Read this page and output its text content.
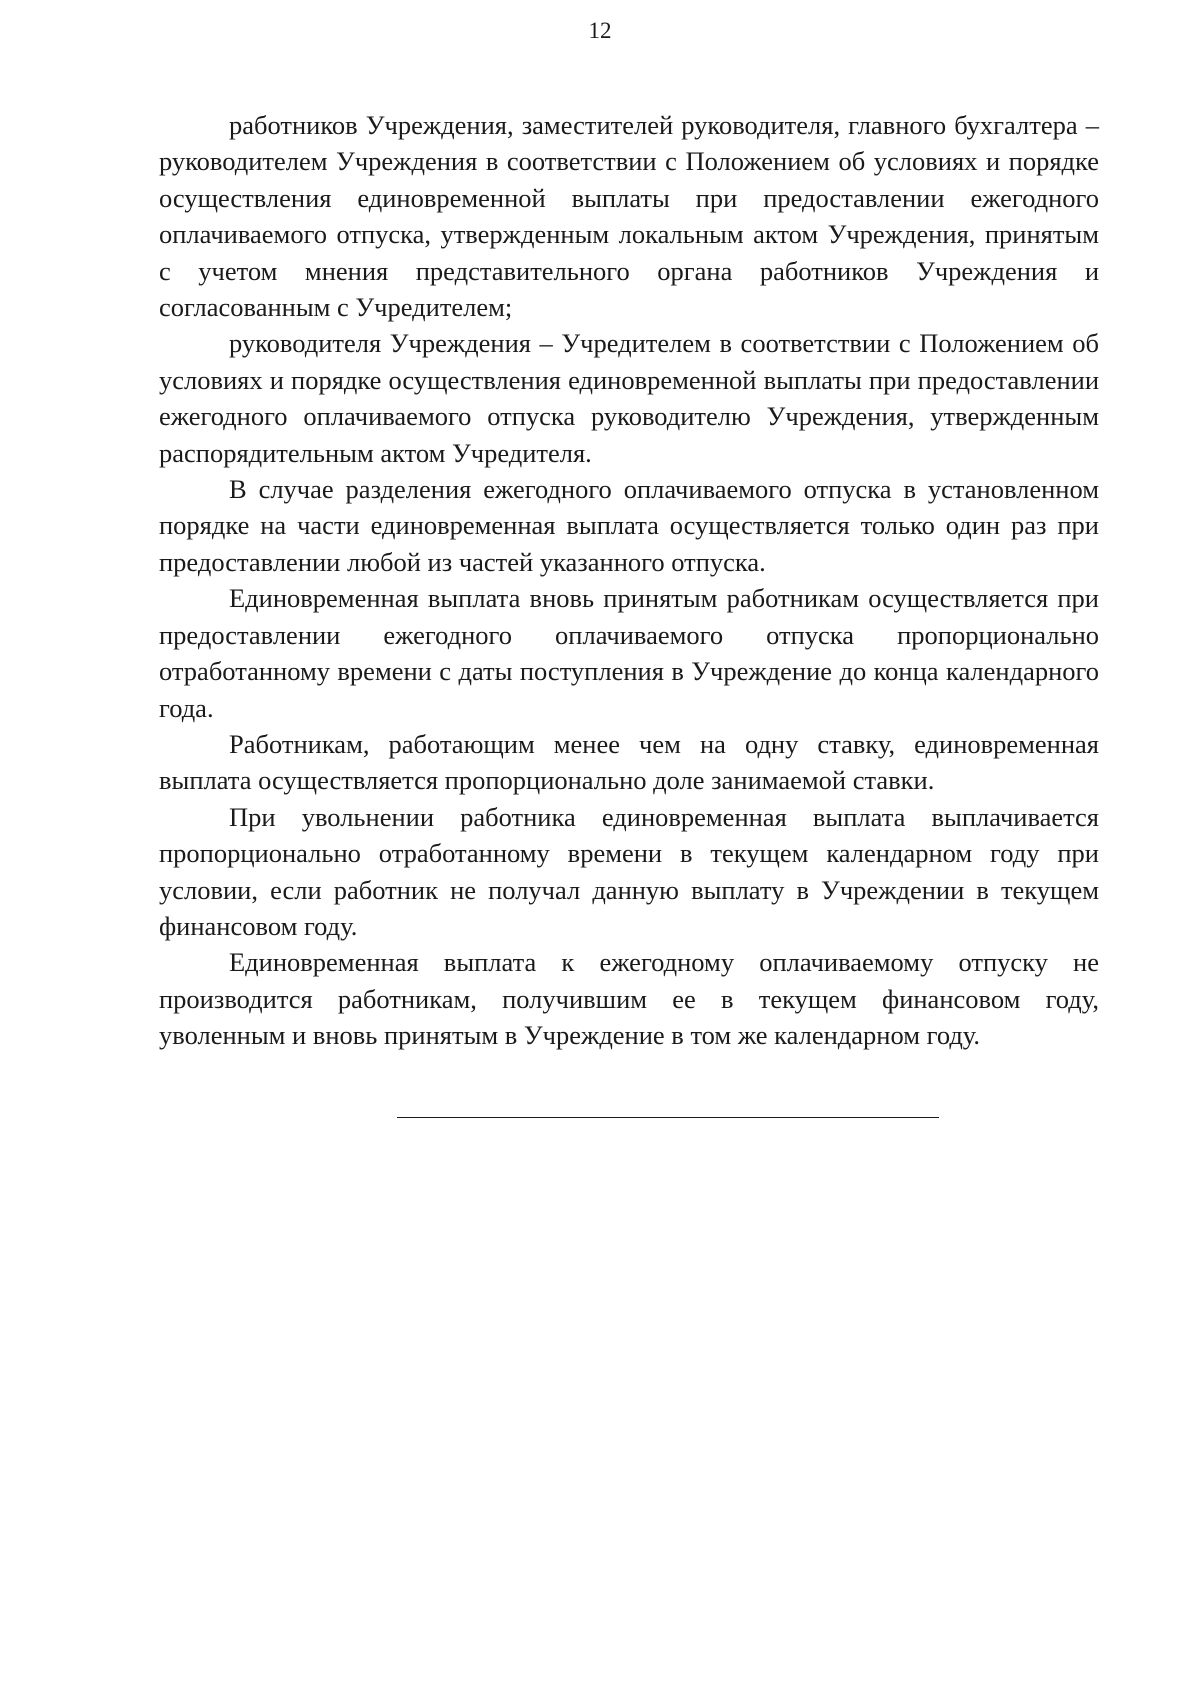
12

работников Учреждения, заместителей руководителя, главного бухгалтера – руководителем Учреждения в соответствии с Положением об условиях и порядке осуществления единовременной выплаты при предоставлении ежегодного оплачиваемого отпуска, утвержденным локальным актом Учреждения, принятым с учетом мнения представительного органа работников Учреждения и согласованным с Учредителем;

руководителя Учреждения – Учредителем в соответствии с Положением об условиях и порядке осуществления единовременной выплаты при предоставлении ежегодного оплачиваемого отпуска руководителю Учреждения, утвержденным распорядительным актом Учредителя.

В случае разделения ежегодного оплачиваемого отпуска в установленном порядке на части единовременная выплата осуществляется только один раз при предоставлении любой из частей указанного отпуска.

Единовременная выплата вновь принятым работникам осуществляется при предоставлении ежегодного оплачиваемого отпуска пропорционально отработанному времени с даты поступления в Учреждение до конца календарного года.

Работникам, работающим менее чем на одну ставку, единовременная выплата осуществляется пропорционально доле занимаемой ставки.

При увольнении работника единовременная выплата выплачивается пропорционально отработанному времени в текущем календарном году при условии, если работник не получал данную выплату в Учреждении в текущем финансовом году.

Единовременная выплата к ежегодному оплачиваемому отпуску не производится работникам, получившим ее в текущем финансовом году, уволенным и вновь принятым в Учреждение в том же календарном году.
